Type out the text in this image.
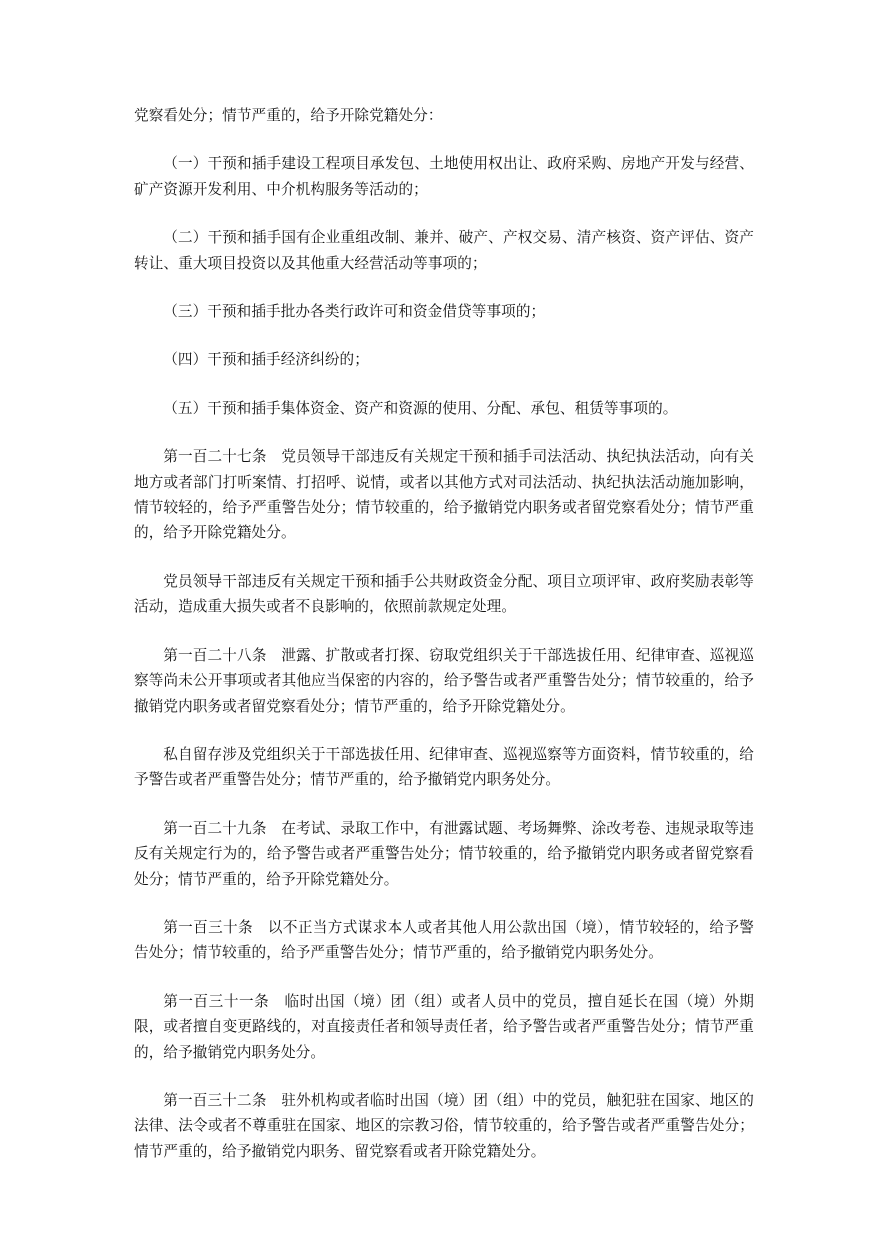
党察看处分；情节严重的，给予开除党籍处分：

（一）干预和插手建设工程项目承发包、土地使用权出让、政府采购、房地产开发与经营、矿产资源开发利用、中介机构服务等活动的；

（二）干预和插手国有企业重组改制、兼并、破产、产权交易、清产核资、资产评估、资产转让、重大项目投资以及其他重大经营活动等事项的；

（三）干预和插手批办各类行政许可和资金借贷等事项的；

（四）干预和插手经济纠纷的；

（五）干预和插手集体资金、资产和资源的使用、分配、承包、租赁等事项的。

第一百二十七条　党员领导干部违反有关规定干预和插手司法活动、执纪执法活动，向有关地方或者部门打听案情、打招呼、说情，或者以其他方式对司法活动、执纪执法活动施加影响，情节较轻的，给予严重警告处分；情节较重的，给予撤销党内职务或者留党察看处分；情节严重的，给予开除党籍处分。

党员领导干部违反有关规定干预和插手公共财政资金分配、项目立项评审、政府奖励表彰等活动，造成重大损失或者不良影响的，依照前款规定处理。

第一百二十八条　泄露、扩散或者打探、窃取党组织关于干部选拔任用、纪律审查、巡视巡察等尚未公开事项或者其他应当保密的内容的，给予警告或者严重警告处分；情节较重的，给予撤销党内职务或者留党察看处分；情节严重的，给予开除党籍处分。

私自留存涉及党组织关于干部选拔任用、纪律审查、巡视巡察等方面资料，情节较重的，给予警告或者严重警告处分；情节严重的，给予撤销党内职务处分。

第一百二十九条　在考试、录取工作中，有泄露试题、考场舞弊、涂改考卷、违规录取等违反有关规定行为的，给予警告或者严重警告处分；情节较重的，给予撤销党内职务或者留党察看处分；情节严重的，给予开除党籍处分。

第一百三十条　以不正当方式谋求本人或者其他人用公款出国（境），情节较轻的，给予警告处分；情节较重的，给予严重警告处分；情节严重的，给予撤销党内职务处分。

第一百三十一条　临时出国（境）团（组）或者人员中的党员，擅自延长在国（境）外期限，或者擅自变更路线的，对直接责任者和领导责任者，给予警告或者严重警告处分；情节严重的，给予撤销党内职务处分。

第一百三十二条　驻外机构或者临时出国（境）团（组）中的党员，触犯驻在国家、地区的法律、法令或者不尊重驻在国家、地区的宗教习俗，情节较重的，给予警告或者严重警告处分；情节严重的，给予撤销党内职务、留党察看或者开除党籍处分。
